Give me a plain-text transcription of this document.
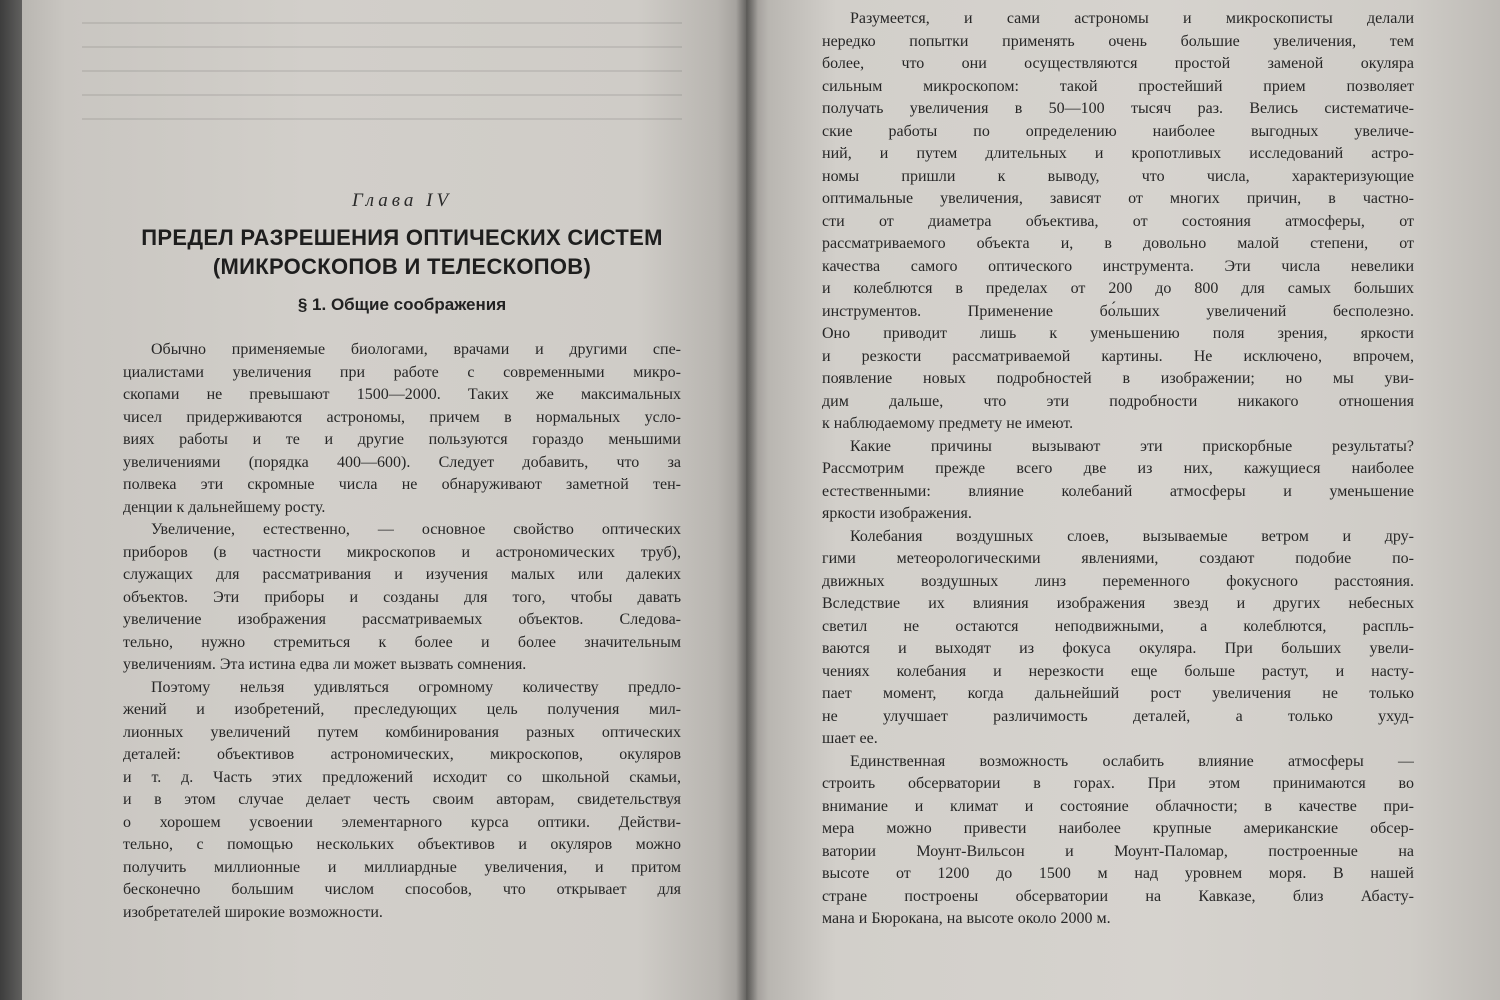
Глава IV
ПРЕДЕЛ РАЗРЕШЕНИЯ ОПТИЧЕСКИХ СИСТЕМ
(МИКРОСКОПОВ И ТЕЛЕСКОПОВ)
§ 1. Общие соображения
Обычно применяемые биологами, врачами и другими спе-
циалистами увеличения при работе с современными микро-
скопами не превышают 1500—2000. Таких же максимальных
чисел придерживаются астрономы, причем в нормальных усло-
виях работы и те и другие пользуются гораздо меньшими
увеличениями (порядка 400—600). Следует добавить, что за
полвека эти скромные числа не обнаруживают заметной тен-
денции к дальнейшему росту.
Увеличение, естественно, — основное свойство оптических
приборов (в частности микроскопов и астрономических труб),
служащих для рассматривания и изучения малых или далеких
объектов. Эти приборы и созданы для того, чтобы давать
увеличение изображения рассматриваемых объектов. Следова-
тельно, нужно стремиться к более и более значительным
увеличениям. Эта истина едва ли может вызвать сомнения.
Поэтому нельзя удивляться огромному количеству предло-
жений и изобретений, преследующих цель получения мил-
лионных увеличений путем комбинирования разных оптических
деталей: объективов астрономических, микроскопов, окуляров
и т. д. Часть этих предложений исходит со школьной скамьи,
и в этом случае делает честь своим авторам, свидетельствуя
о хорошем усвоении элементарного курса оптики. Действи-
тельно, с помощью нескольких объективов и окуляров можно
получить миллионные и миллиардные увеличения, и притом
бесконечно большим числом способов, что открывает для
изобретателей широкие возможности.
Разумеется, и сами астрономы и микроскописты делали
нередко попытки применять очень большие увеличения, тем
более, что они осуществляются простой заменой окуляра
сильным микроскопом: такой простейший прием позволяет
получать увеличения в 50—100 тысяч раз. Велись систематиче-
ские работы по определению наиболее выгодных увеличе-
ний, и путем длительных и кропотливых исследований астро-
номы пришли к выводу, что числа, характеризующие
оптимальные увеличения, зависят от многих причин, в частно-
сти от диаметра объектива, от состояния атмосферы, от
рассматриваемого объекта и, в довольно малой степени, от
качества самого оптического инструмента. Эти числа невелики
и колеблются в пределах от 200 до 800 для самых больших
инструментов. Применение бо́льших увеличений бесполезно.
Оно приводит лишь к уменьшению поля зрения, яркости
и резкости рассматриваемой картины. Не исключено, впрочем,
появление новых подробностей в изображении; но мы уви-
дим дальше, что эти подробности никакого отношения
к наблюдаемому предмету не имеют.
Какие причины вызывают эти прискорбные результаты?
Рассмотрим прежде всего две из них, кажущиеся наиболее
естественными: влияние колебаний атмосферы и уменьшение
яркости изображения.
Колебания воздушных слоев, вызываемые ветром и дру-
гими метеорологическими явлениями, создают подобие по-
движных воздушных линз переменного фокусного расстояния.
Вследствие их влияния изображения звезд и других небесных
светил не остаются неподвижными, а колеблются, распль-
ваются и выходят из фокуса окуляра. При больших увели-
чениях колебания и нерезкости еще больше растут, и насту-
пает момент, когда дальнейший рост увеличения не только
не улучшает различимость деталей, а только ухуд-
шает ее.
Единственная возможность ослабить влияние атмосферы —
строить обсерватории в горах. При этом принимаются во
внимание и климат и состояние облачности; в качестве при-
мера можно привести наиболее крупные американские обсер-
ватории Моунт-Вильсон и Моунт-Паломар, построенные на
высоте от 1200 до 1500 м над уровнем моря. В нашей
стране построены обсерватории на Кавказе, близ Абасту-
мана и Бюрокана, на высоте около 2000 м.
